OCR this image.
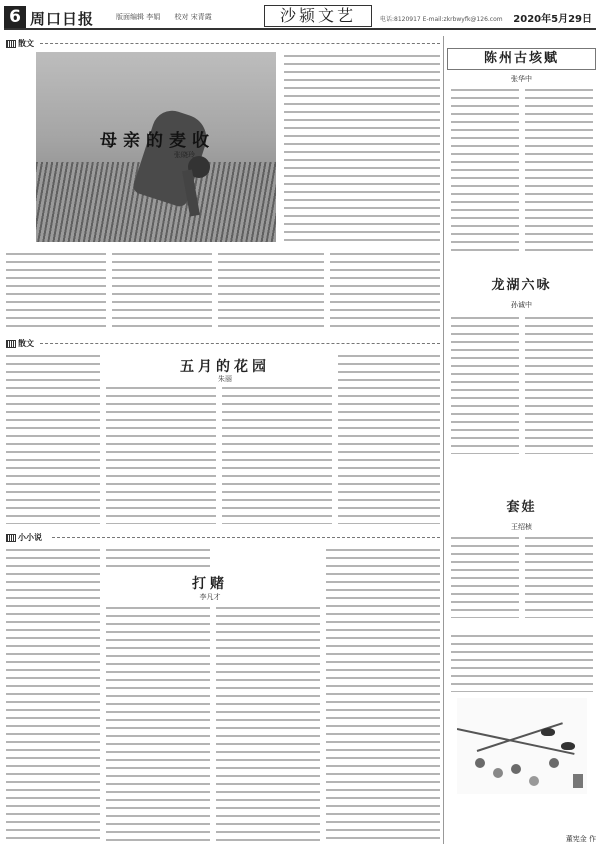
6 周口日报	版面编辑 李娟 校对 宋青霞	沙颍文艺	电话:8120917 E-mail:zkrbwyfk@126.com 2020年5月29日
散文
母亲的麦收
张晓玲
散文
五月的花园
朱丽
小小说
打赌
李凡才
陈州古垓赋
张华中
龙湖六咏
孙诚中
套娃
王绍桢
董宪金 作
